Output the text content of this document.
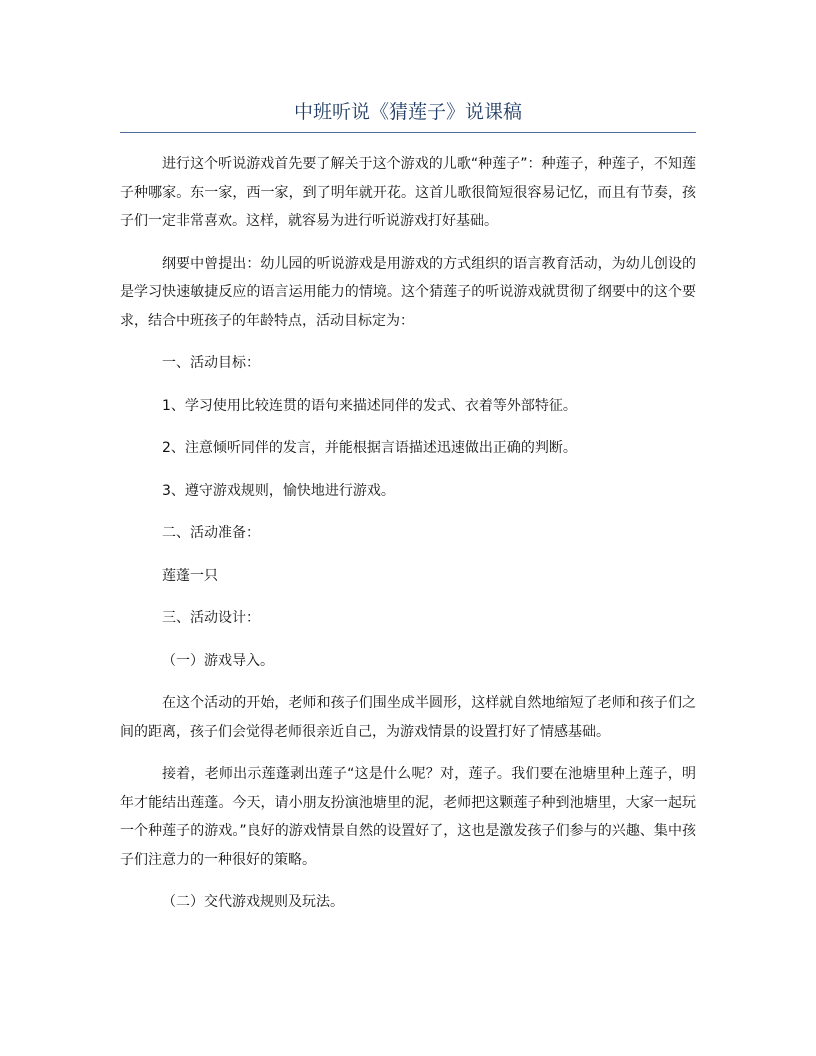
中班听说《猜莲子》说课稿

进行这个听说游戏首先要了解关于这个游戏的儿歌“种莲子”：种莲子，种莲子，不知莲子种哪家。东一家，西一家，到了明年就开花。这首儿歌很简短很容易记忆，而且有节奏，孩子们一定非常喜欢。这样，就容易为进行听说游戏打好基础。

纲要中曾提出：幼儿园的听说游戏是用游戏的方式组织的语言教育活动，为幼儿创设的是学习快速敏捷反应的语言运用能力的情境。这个猜莲子的听说游戏就贯彻了纲要中的这个要求，结合中班孩子的年龄特点，活动目标定为：

一、活动目标：

1、学习使用比较连贯的语句来描述同伴的发式、衣着等外部特征。

2、注意倾听同伴的发言，并能根据言语描述迅速做出正确的判断。

3、遵守游戏规则，愉快地进行游戏。

二、活动准备：

莲蓬一只

三、活动设计：

（一）游戏导入。

在这个活动的开始，老师和孩子们围坐成半圆形，这样就自然地缩短了老师和孩子们之间的距离，孩子们会觉得老师很亲近自己，为游戏情景的设置打好了情感基础。

接着，老师出示莲蓬剥出莲子“这是什么呢？对，莲子。我们要在池塘里种上莲子，明年才能结出莲蓬。今天，请小朋友扮演池塘里的泥，老师把这颗莲子种到池塘里，大家一起玩一个种莲子的游戏。”良好的游戏情景自然的设置好了，这也是激发孩子们参与的兴趣、集中孩子们注意力的一种很好的策略。

（二）交代游戏规则及玩法。
